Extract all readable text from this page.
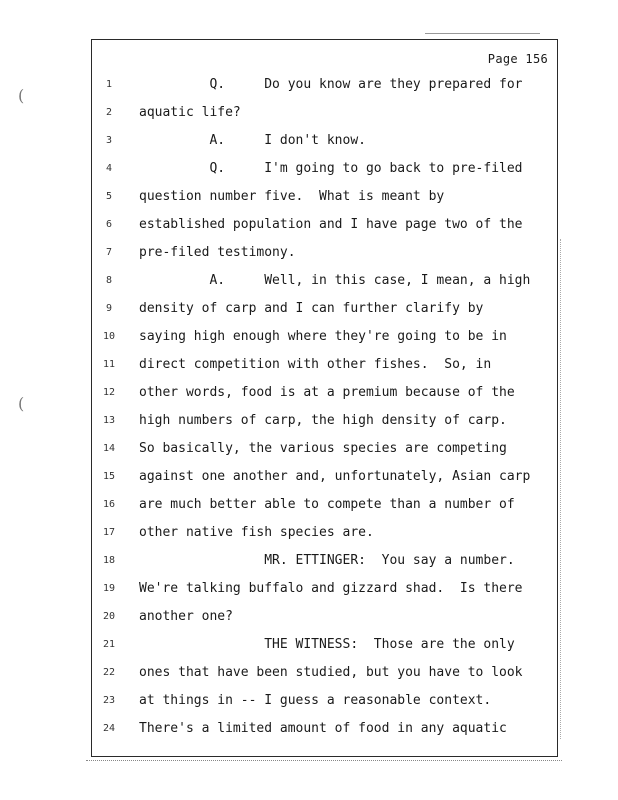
(
(
Page 156
1	Q.     Do you know are they prepared for
2	aquatic life?
3	A.     I don't know.
4	Q.     I'm going to go back to pre-filed
5	question number five.  What is meant by
6	established population and I have page two of the
7	pre-filed testimony.
8	A.     Well, in this case, I mean, a high
9	density of carp and I can further clarify by
10	saying high enough where they're going to be in
11	direct competition with other fishes.  So, in
12	other words, food is at a premium because of the
13	high numbers of carp, the high density of carp.
14	So basically, the various species are competing
15	against one another and, unfortunately, Asian carp
16	are much better able to compete than a number of
17	other native fish species are.
18	MR. ETTINGER:  You say a number.
19	We're talking buffalo and gizzard shad.  Is there
20	another one?
21	THE WITNESS:  Those are the only
22	ones that have been studied, but you have to look
23	at things in -- I guess a reasonable context.
24	There's a limited amount of food in any aquatic
